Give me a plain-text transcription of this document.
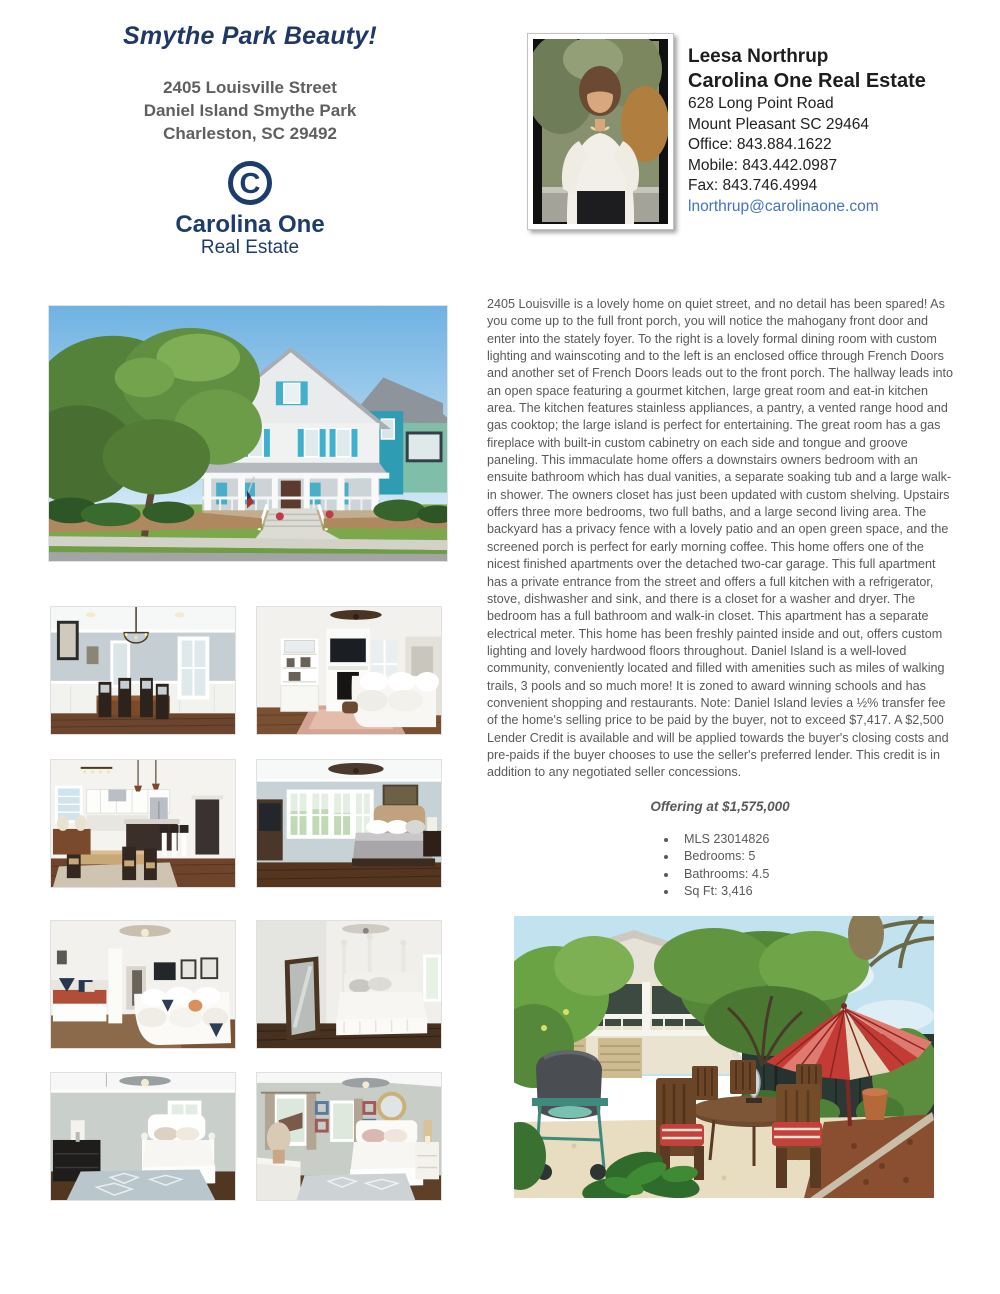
Smythe Park Beauty!
2405 Louisville Street
Daniel Island Smythe Park
Charleston, SC 29492
C
Carolina One
Real Estate
Leesa Northrup
Carolina One Real Estate
628 Long Point Road
Mount Pleasant SC 29464
Office: 843.884.1622
Mobile: 843.442.0987
Fax: 843.746.4994
lnorthrup@carolinaone.com
2405 Louisville is a lovely home on quiet street, and no detail has been spared! As you come up to the full front porch, you will notice the mahogany front door and enter into the stately foyer. To the right is a lovely formal dining room with custom lighting and wainscoting and to the left is an enclosed office through French Doors and another set of French Doors leads out to the front porch. The hallway leads into an open space featuring a gourmet kitchen, large great room and eat-in kitchen area. The kitchen features stainless appliances, a pantry, a vented range hood and gas cooktop; the large island is perfect for entertaining. The great room has a gas fireplace with built-in custom cabinetry on each side and tongue and groove paneling. This immaculate home offers a downstairs owners bedroom with an ensuite bathroom which has dual vanities, a separate soaking tub and a large walk-in shower. The owners closet has just been updated with custom shelving. Upstairs offers three more bedrooms, two full baths, and a large second living area. The backyard has a privacy fence with a lovely patio and an open green space, and the screened porch is perfect for early morning coffee. This home offers one of the nicest finished apartments over the detached two-car garage. This full apartment has a private entrance from the street and offers a full kitchen with a refrigerator, stove, dishwasher and sink, and there is a closet for a washer and dryer. The bedroom has a full bathroom and walk-in closet. This apartment has a separate electrical meter. This home has been freshly painted inside and out, offers custom lighting and lovely hardwood floors throughout. Daniel Island is a well-loved community, conveniently located and filled with amenities such as miles of walking trails, 3 pools and so much more! It is zoned to award winning schools and has convenient shopping and restaurants. Note: Daniel Island levies a ½% transfer fee of the home's selling price to be paid by the buyer, not to exceed $7,417. A $2,500 Lender Credit is available and will be applied towards the buyer's closing costs and pre-paids if the buyer chooses to use the seller's preferred lender. This credit is in addition to any negotiated seller concessions.
Offering at $1,575,000
• MLS 23014826
• Bedrooms: 5
• Bathrooms: 4.5
• Sq Ft: 3,416
